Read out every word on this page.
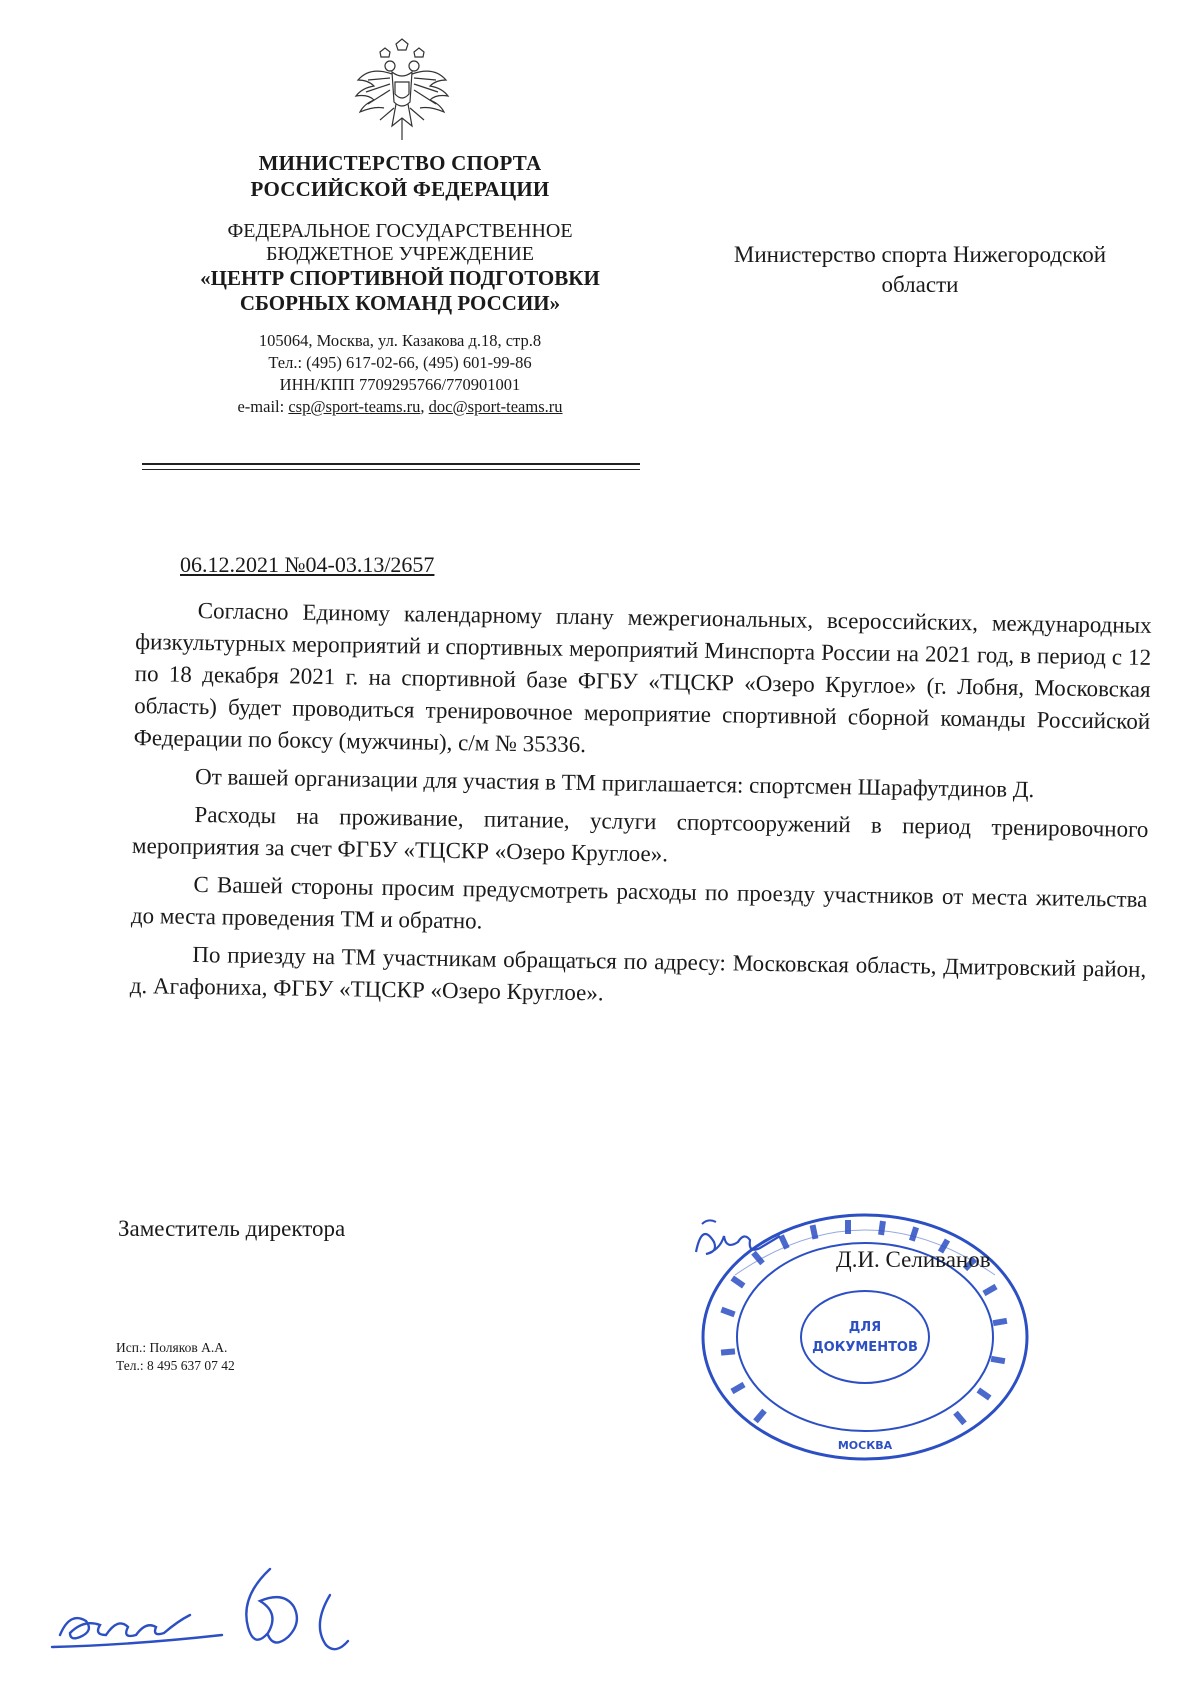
МИНИСТЕРСТВО СПОРТА
РОССИЙСКОЙ ФЕДЕРАЦИИ
ФЕДЕРАЛЬНОЕ ГОСУДАРСТВЕННОЕ
БЮДЖЕТНОЕ УЧРЕЖДЕНИЕ
«ЦЕНТР СПОРТИВНОЙ ПОДГОТОВКИ
СБОРНЫХ КОМАНД РОССИИ»
105064, Москва, ул. Казакова д.18, стр.8
Тел.: (495) 617-02-66, (495) 601-99-86
ИНН/КПП 7709295766/770901001
e-mail: csp@sport-teams.ru, doc@sport-teams.ru
Министерство спорта Нижегородской
области
06.12.2021 №04-03.13/2657

Согласно Единому календарному плану межрегиональных, всероссийских, международных физкультурных мероприятий и спортивных мероприятий Минспорта России на 2021 год, в период с 12 по 18 декабря 2021 г. на спортивной базе ФГБУ «ТЦСКР «Озеро Круглое» (г. Лобня, Московская область) будет проводиться тренировочное мероприятие спортивной сборной команды Российской Федерации по боксу (мужчины), с/м № 35336.

От вашей организации для участия в ТМ приглашается: спортсмен Шарафутдинов Д.

Расходы на проживание, питание, услуги спортсооружений в период тренировочного мероприятия за счет ФГБУ «ТЦСКР «Озеро Круглое».

С Вашей стороны просим предусмотреть расходы по проезду участников от места жительства до места проведения ТМ и обратно.

По приезду на ТМ участникам обращаться по адресу: Московская область, Дмитровский район, д. Агафониха, ФГБУ «ТЦСКР «Озеро Круглое».

Заместитель директора
ДЛЯ
ДОКУМЕНТОВ
МОСКВА
Д.И. Селиванов
Исп.: Поляков А.А.
Тел.: 8 495 637 07 42
